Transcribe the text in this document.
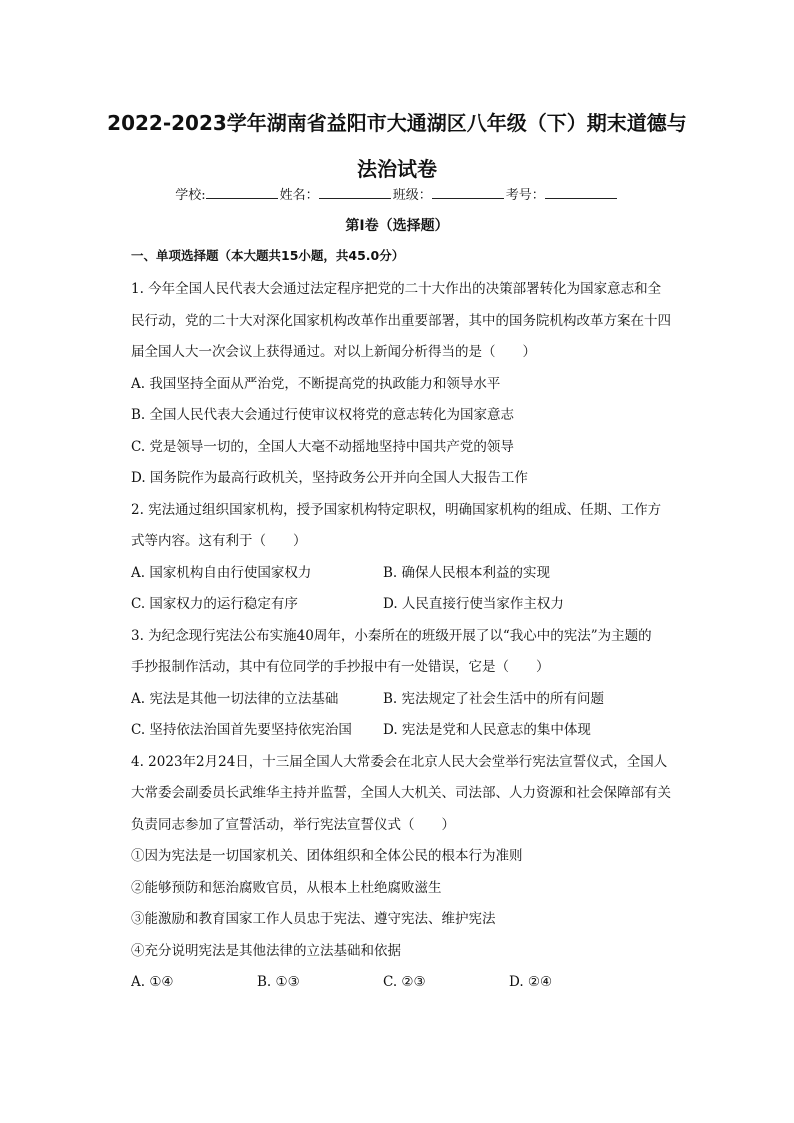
2022-2023学年湖南省益阳市大通湖区八年级（下）期末道德与
法治试卷
学校:	姓名：	班级：	考号：
第Ⅰ卷（选择题）
一、单项选择题（本大题共15小题，共45.0分）
1. 今年全国人民代表大会通过法定程序把党的二十大作出的决策部署转化为国家意志和全
民行动，党的二十大对深化国家机构改革作出重要部署，其中的国务院机构改革方案在十四
届全国人大一次会议上获得通过。对以上新闻分析得当的是（　　）
A. 我国坚持全面从严治党，不断提高党的执政能力和领导水平
B. 全国人民代表大会通过行使审议权将党的意志转化为国家意志
C. 党是领导一切的，全国人大毫不动摇地坚持中国共产党的领导
D. 国务院作为最高行政机关，坚持政务公开并向全国人大报告工作
2. 宪法通过组织国家机构，授予国家机构特定职权，明确国家机构的组成、任期、工作方
式等内容。这有利于（　　）
A. 国家机构自由行使国家权力	B. 确保人民根本利益的实现
C. 国家权力的运行稳定有序	D. 人民直接行使当家作主权力
3. 为纪念现行宪法公布实施40周年，小秦所在的班级开展了以“我心中的宪法”为主题的
手抄报制作活动，其中有位同学的手抄报中有一处错误，它是（　　）
A. 宪法是其他一切法律的立法基础	B. 宪法规定了社会生活中的所有问题
C. 坚持依法治国首先要坚持依宪治国	D. 宪法是党和人民意志的集中体现
4. 2023年2月24日，十三届全国人大常委会在北京人民大会堂举行宪法宣誓仪式，全国人
大常委会副委员长武维华主持并监誓，全国人大机关、司法部、人力资源和社会保障部有关
负责同志参加了宣誓活动，举行宪法宣誓仪式（　　）
①因为宪法是一切国家机关、团体组织和全体公民的根本行为准则
②能够预防和惩治腐败官员，从根本上杜绝腐败滋生
③能激励和教育国家工作人员忠于宪法、遵守宪法、维护宪法
④充分说明宪法是其他法律的立法基础和依据
A. ①④	B. ①③	C. ②③	D. ②④
